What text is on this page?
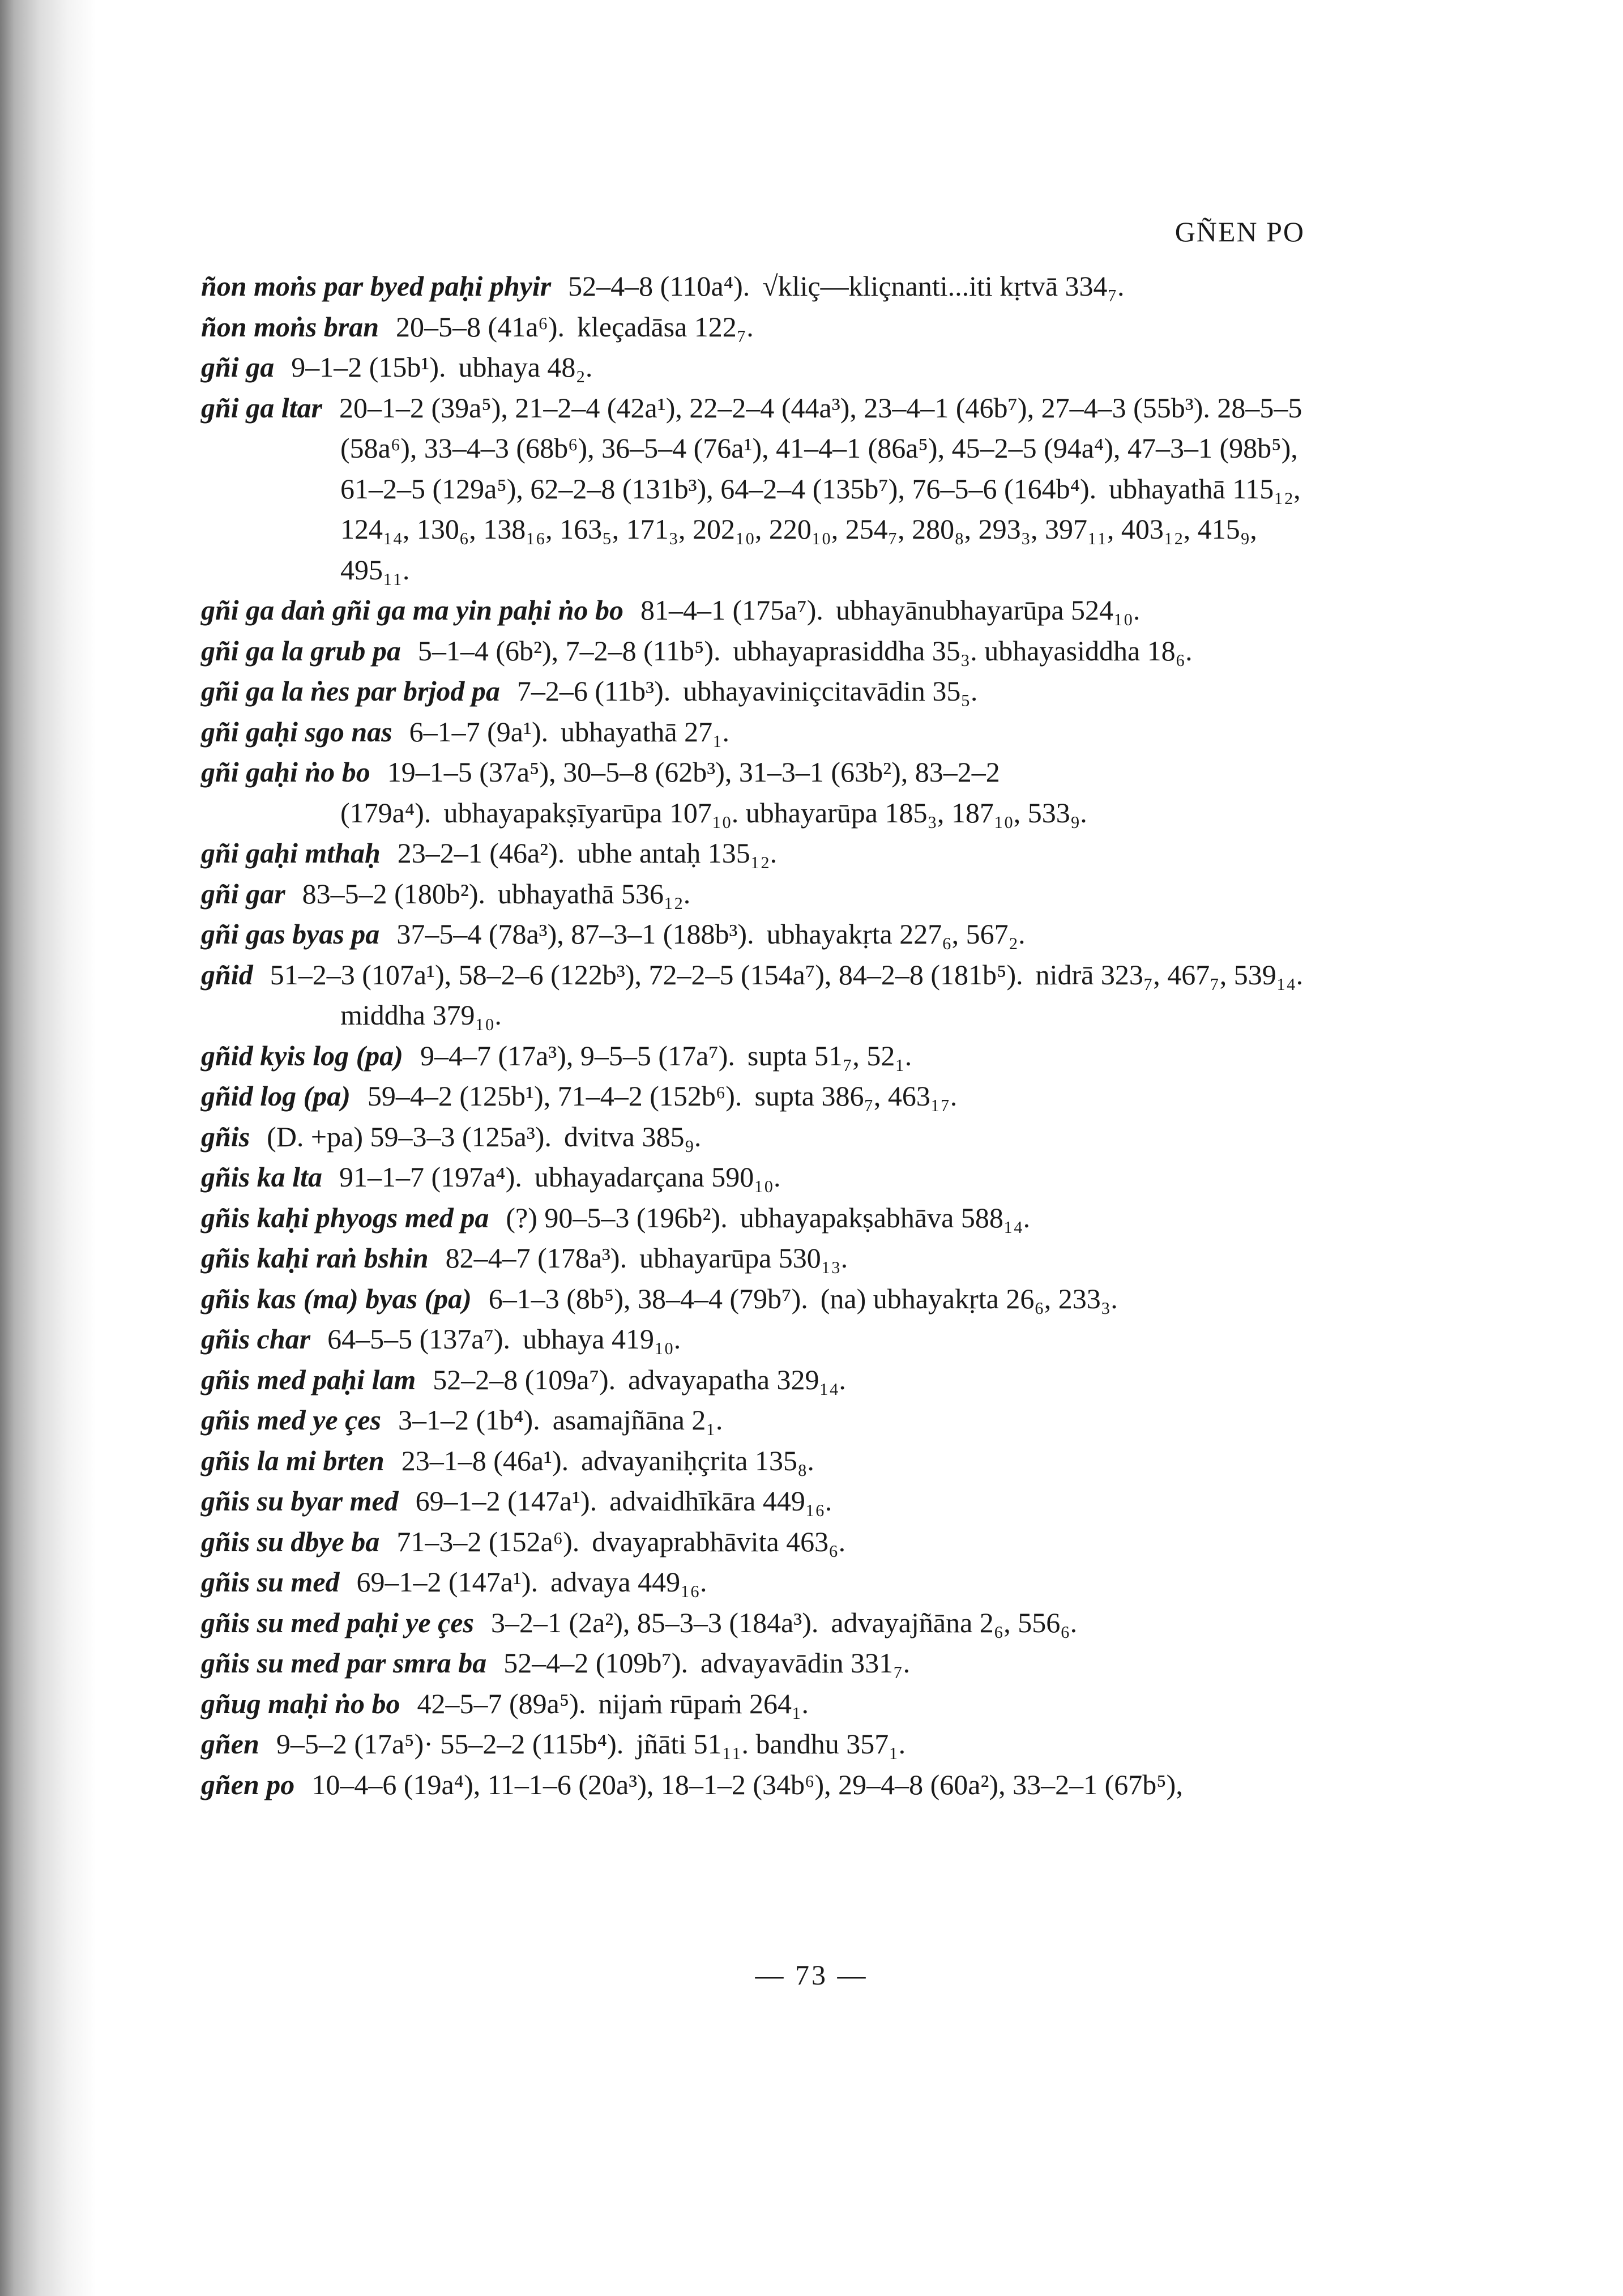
GÑEN PO

ñon moṅs par byed paḥi phyir 52–4–8 (110a⁴). √kliç—kliçnanti...iti kṛtvā 334₇.

ñon moṅs bran 20–5–8 (41a⁶). kleçadāsa 122₇.

gñi ga 9–1–2 (15b¹). ubhaya 48₂.

gñi ga ltar 20–1–2 (39a⁵), 21–2–4 (42a¹), 22–2–4 (44a³), 23–4–1 (46b⁷), 27–4–3 (55b³). 28–5–5 (58a⁶), 33–4–3 (68b⁶), 36–5–4 (76a¹), 41–4–1 (86a⁵), 45–2–5 (94a⁴), 47–3–1 (98b⁵), 61–2–5 (129a⁵), 62–2–8 (131b³), 64–2–4 (135b⁷), 76–5–6 (164b⁴). ubhayathā 115₁₂, 124₁₄, 130₆, 138₁₆, 163₅, 171₃, 202₁₀, 220₁₀, 254₇, 280₈, 293₃, 397₁₁, 403₁₂, 415₉, 495₁₁.

gñi ga daṅ gñi ga ma yin paḥi ṅo bo 81–4–1 (175a⁷). ubhayānubhayarūpa 524₁₀.

gñi ga la grub pa 5–1–4 (6b²), 7–2–8 (11b⁵). ubhayaprasiddha 35₃. ubhayasiddha 18₆.

gñi ga la ṅes par brjod pa 7–2–6 (11b³). ubhayaviniçcitavādin 35₅.

gñi gaḥi sgo nas 6–1–7 (9a¹). ubhayathā 27₁.

gñi gaḥi ṅo bo 19–1–5 (37a⁵), 30–5–8 (62b³), 31–3–1 (63b²), 83–2–2 (179a⁴). ubhayapakṣīyarūpa 107₁₀. ubhayarūpa 185₃, 187₁₀, 533₉.

gñi gaḥi mthaḥ 23–2–1 (46a²). ubhe antaḥ 135₁₂.

gñi gar 83–5–2 (180b²). ubhayathā 536₁₂.

gñi gas byas pa 37–5–4 (78a³), 87–3–1 (188b³). ubhayakṛta 227₆, 567₂.

gñid 51–2–3 (107a¹), 58–2–6 (122b³), 72–2–5 (154a⁷), 84–2–8 (181b⁵). nidrā 323₇, 467₇, 539₁₄. middha 379₁₀.

gñid kyis log (pa) 9–4–7 (17a³), 9–5–5 (17a⁷). supta 51₇, 52₁.

gñid log (pa) 59–4–2 (125b¹), 71–4–2 (152b⁶). supta 386₇, 463₁₇.

gñis (D. +pa) 59–3–3 (125a³). dvitva 385₉.

gñis ka lta 91–1–7 (197a⁴). ubhayadarçana 590₁₀.

gñis kaḥi phyogs med pa (?) 90–5–3 (196b²). ubhayapakṣabhāva 588₁₄.

gñis kaḥi raṅ bshin 82–4–7 (178a³). ubhayarūpa 530₁₃.

gñis kas (ma) byas (pa) 6–1–3 (8b⁵), 38–4–4 (79b⁷). (na) ubhayakṛta 26₆, 233₃.

gñis char 64–5–5 (137a⁷). ubhaya 419₁₀.

gñis med paḥi lam 52–2–8 (109a⁷). advayapatha 329₁₄.

gñis med ye çes 3–1–2 (1b⁴). asamajñāna 2₁.

gñis la mi brten 23–1–8 (46a¹). advayaniḥçrita 135₈.

gñis su byar med 69–1–2 (147a¹). advaidhīkāra 449₁₆.

gñis su dbye ba 71–3–2 (152a⁶). dvayaprabhāvita 463₆.

gñis su med 69–1–2 (147a¹). advaya 449₁₆.

gñis su med paḥi ye çes 3–2–1 (2a²), 85–3–3 (184a³). advayajñāna 2₆, 556₆.

gñis su med par smra ba 52–4–2 (109b⁷). advayavādin 331₇.

gñug maḥi ṅo bo 42–5–7 (89a⁵). nijaṁ rūpaṁ 264₁.

gñen 9–5–2 (17a⁵)· 55–2–2 (115b⁴). jñāti 51₁₁. bandhu 357₁.

gñen po 10–4–6 (19a⁴), 11–1–6 (20a³), 18–1–2 (34b⁶), 29–4–8 (60a²), 33–2–1 (67b⁵),

— 73 —
